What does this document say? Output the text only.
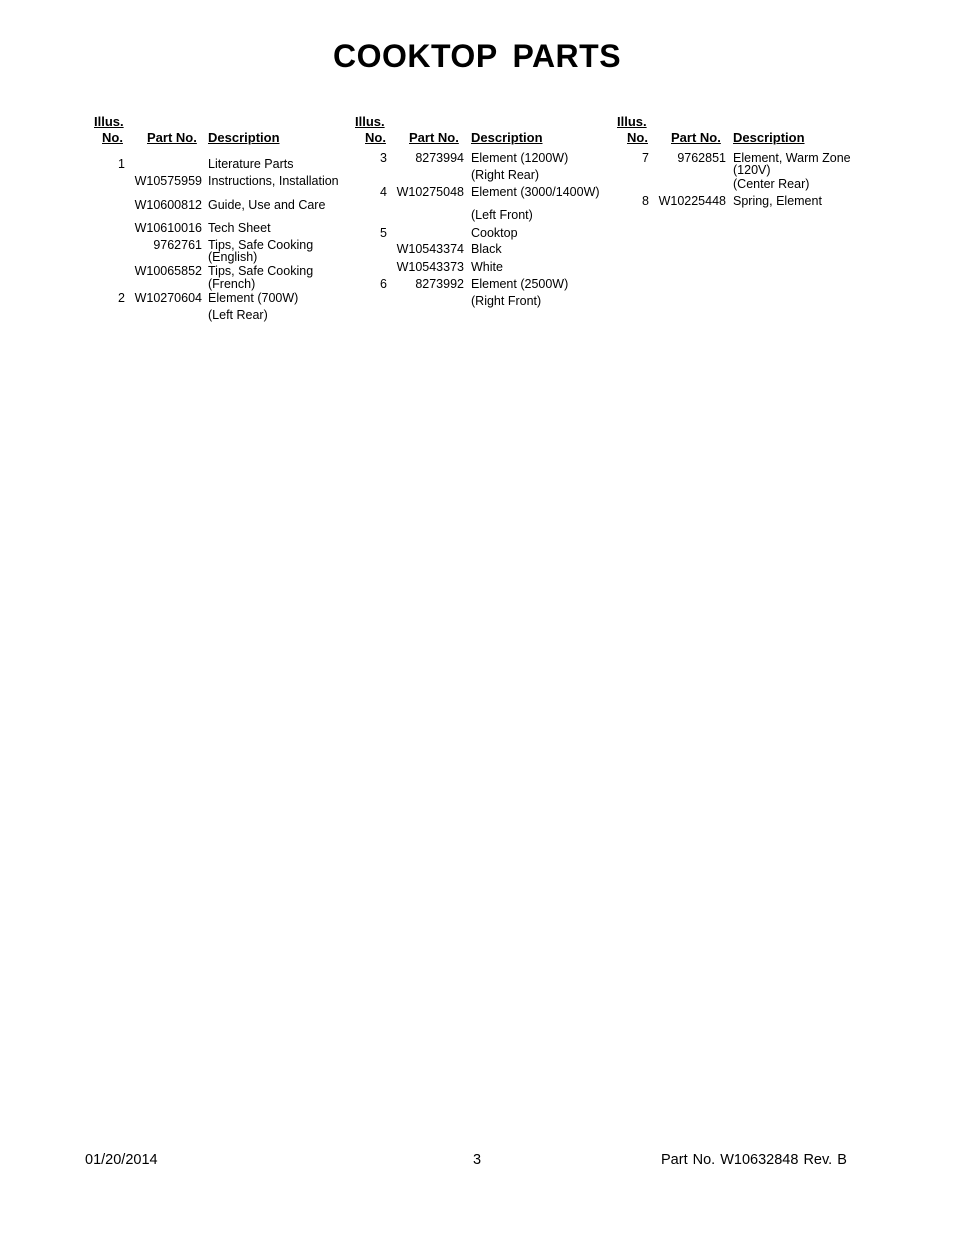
COOKTOP PARTS
Illus.
No. Part No. Description
1	Literature Parts
W10575959 Instructions, Installation
W10600812 Guide, Use and Care
W10610016 Tech Sheet
9762761 Tips, Safe Cooking
(English)
W10065852 Tips, Safe Cooking
(French)
2 W10270604 Element (700W)
(Left Rear)
Illus.
No. Part No. Description
3	8273994 Element (1200W)
(Right Rear)
4 W10275048 Element (3000/1400W)
(Left Front)
5	Cooktop
W10543374 Black
W10543373 White
6	8273992 Element (2500W)
(Right Front)
Illus.
No. Part No. Description
7	9762851 Element, Warm Zone
(120V)
(Center Rear)
8 W10225448 Spring, Element
01/20/2014	3	Part No. W10632848 Rev. B
